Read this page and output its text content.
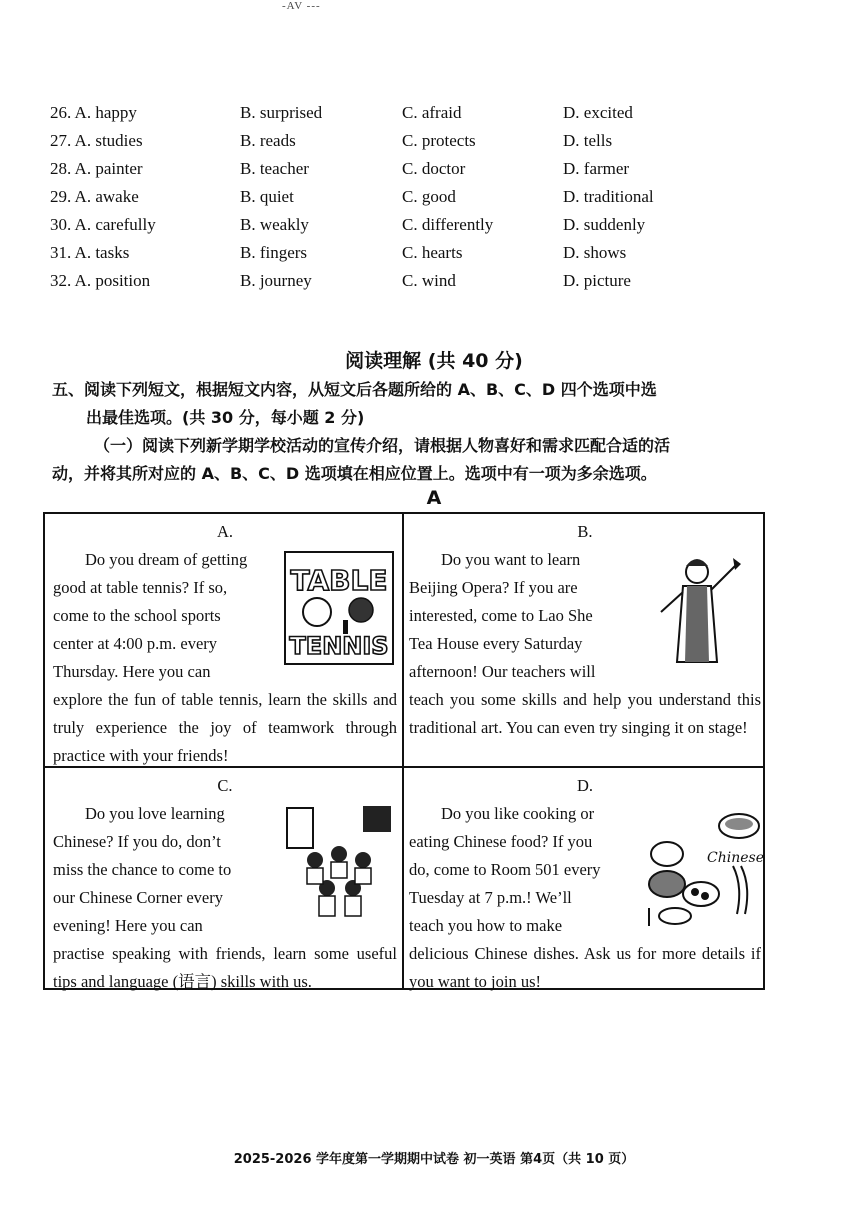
-AV ---
26. A. happy	B. surprised	C. afraid	D. excited
27. A. studies	B. reads	C. protects	D. tells
28. A. painter	B. teacher	C. doctor	D. farmer
29. A. awake	B. quiet	C. good	D. traditional
30. A. carefully	B. weakly	C. differently	D. suddenly
31. A. tasks	B. fingers	C. hearts	D. shows
32. A. position	B. journey	C. wind	D. picture
阅读理解 (共 40 分)
五、阅读下列短文，根据短文内容，从短文后各题所给的 A、B、C、D 四个选项中选
出最佳选项。(共 30 分，每小题 2 分)
（一）阅读下列新学期学校活动的宣传介绍，请根据人物喜好和需求匹配合适的活
动，并将其所对应的 A、B、C、D 选项填在相应位置上。选项中有一项为多余选项。
A
A.
Do you dream of getting
good at table tennis? If so,
come to the school sports
center at 4:00 p.m. every
Thursday. Here you can
explore the fun of table tennis, learn the skills and truly experience the joy of teamwork through practice with your friends!
TABLE
TENNIS
B.
Do you want to learn
Beijing Opera? If you are
interested, come to Lao She
Tea House every Saturday
afternoon! Our teachers will
teach you some skills and help you understand this traditional art. You can even try singing it on stage!
C.
Do you love learning
Chinese? If you do, don’t
miss the chance to come to
our Chinese Corner every
evening! Here you can
practise speaking with friends, learn some useful tips and language (语言) skills with us.
D.
Do you like cooking or
eating Chinese food? If you
do, come to Room 501 every
Tuesday at 7 p.m.! We’ll
teach you how to make
delicious Chinese dishes. Ask us for more details if you want to join us!
Chinese
2025-2026 学年度第一学期期中试卷 初一英语 第4页（共 10 页）
